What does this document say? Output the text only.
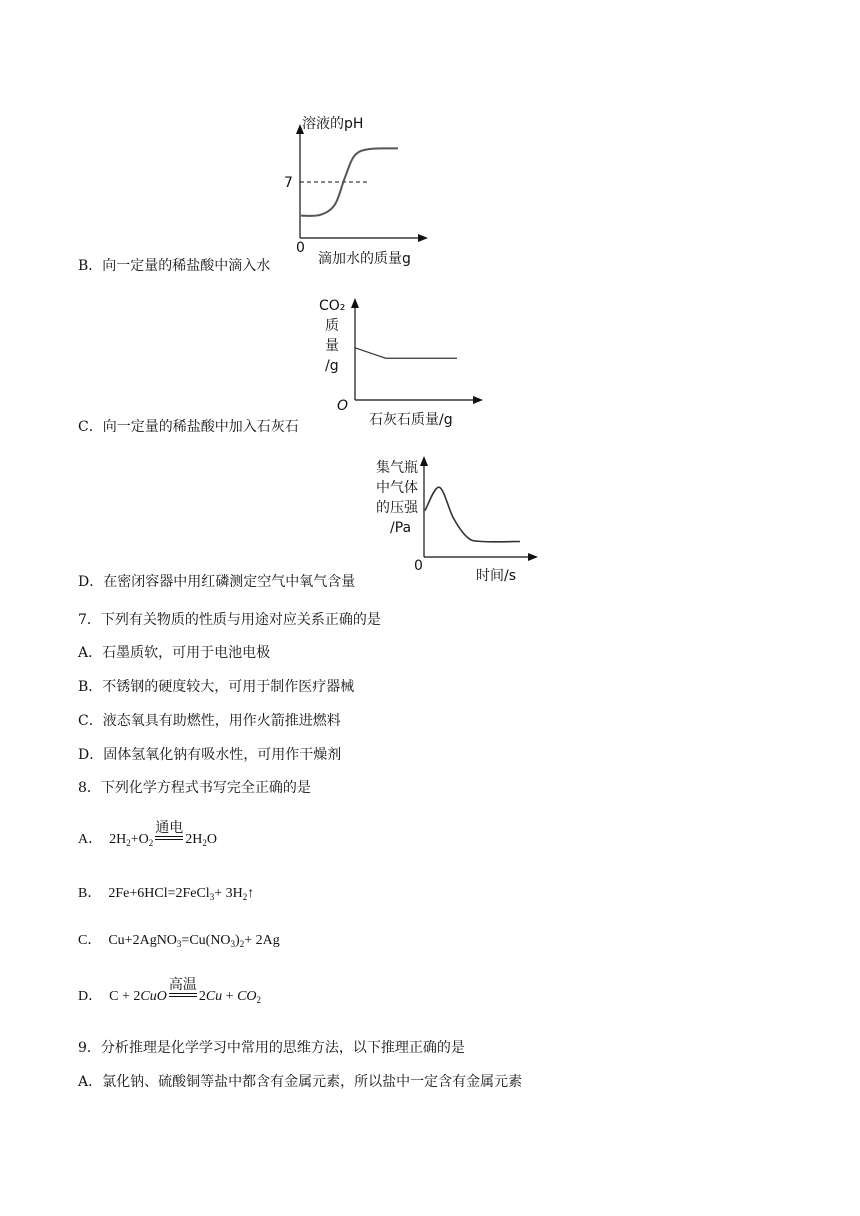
溶液的pH
7
0
滴加水的质量g
B．向一定量的稀盐酸中滴入水
CO₂
质
量
/g
O
石灰石质量/g
C．向一定量的稀盐酸中加入石灰石
集气瓶
中气体
的压强
/Pa
0
时间/s
D．在密闭容器中用红磷测定空气中氧气含量
7．下列有关物质的性质与用途对应关系正确的是
A．石墨质软，可用于电池电极
B．不锈钢的硬度较大，可用于制作医疗器械
C．液态氧具有助燃性，用作火箭推进燃料
D．固体氢氧化钠有吸水性，可用作干燥剂
8．下列化学方程式书写完全正确的是
A． $2H_2+O_2$
通电
$2H_2O$
B． 2Fe+6HCl=2FeCl$_3$+ $3H_2↑$
C． $Cu+2AgNO_3=Cu(NO_3)_2+ 2Ag$
D． C + 2CuO
高温
$2Cu + CO_2$
9．分析推理是化学学习中常用的思维方法，以下推理正确的是
A．氯化钠、硫酸铜等盐中都含有金属元素，所以盐中一定含有金属元素
